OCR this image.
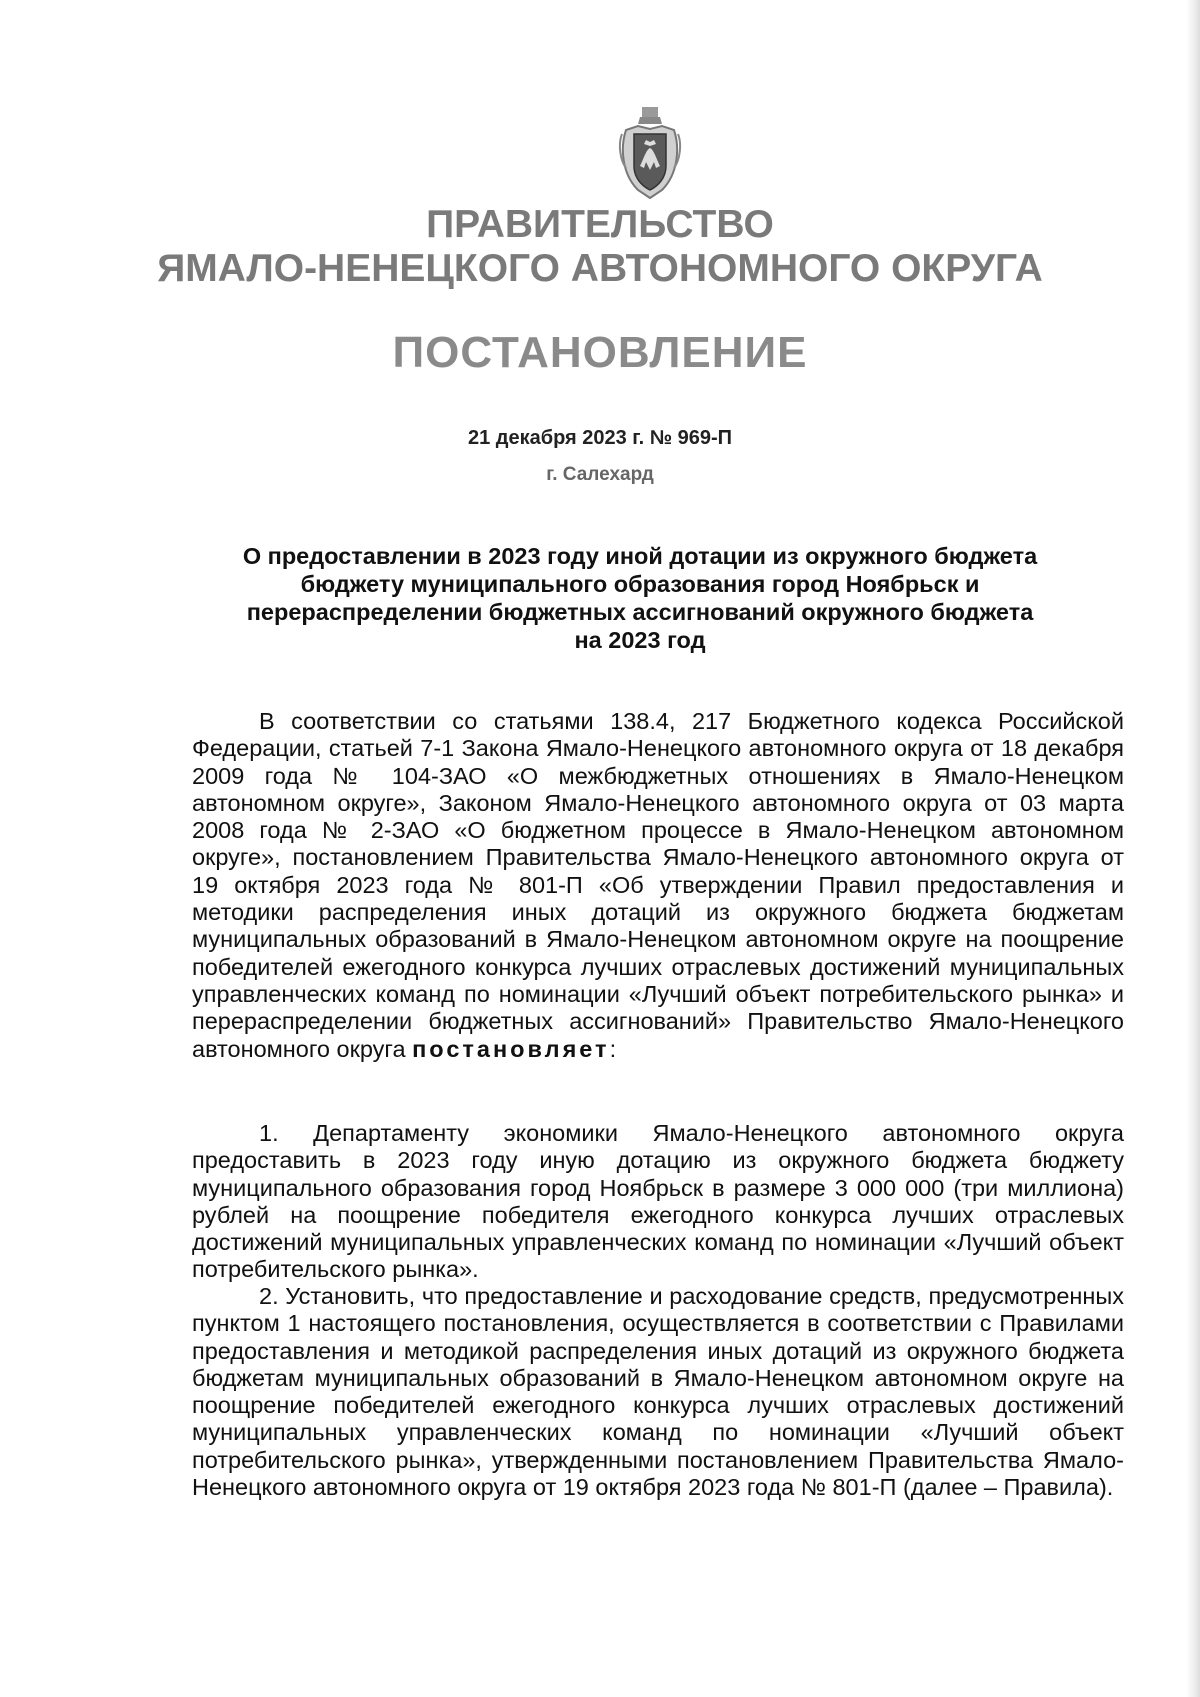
ПРАВИТЕЛЬСТВО
ЯМАЛО-НЕНЕЦКОГО АВТОНОМНОГО ОКРУГА
ПОСТАНОВЛЕНИЕ
21 декабря 2023 г. № 969-П
г. Салехард
О предоставлении в 2023 году иной дотации из окружного бюджета
бюджету муниципального образования город Ноябрьск и
перераспределении бюджетных ассигнований окружного бюджета
на 2023 год

В соответствии со статьями 138.4, 217 Бюджетного кодекса Российской Федерации, статьей 7-1 Закона Ямало-Ненецкого автономного округа от 18 декабря 2009 года № 104-ЗАО «О межбюджетных отношениях в Ямало-Ненецком автономном округе», Законом Ямало-Ненецкого автономного округа от 03 марта 2008 года № 2-ЗАО «О бюджетном процессе в Ямало-Ненецком автономном округе», постановлением Правительства Ямало-Ненецкого автономного округа от 19 октября 2023 года № 801-П «Об утверждении Правил предоставления и методики распределения иных дотаций из окружного бюджета бюджетам муниципальных образований в Ямало-Ненецком автономном округе на поощрение победителей ежегодного конкурса лучших отраслевых достижений муниципальных управленческих команд по номинации «Лучший объект потребительского рынка» и перераспределении бюджетных ассигнований» Правительство Ямало-Ненецкого автономного округа постановляет:

1. Департаменту экономики Ямало-Ненецкого автономного округа предоставить в 2023 году иную дотацию из окружного бюджета бюджету муниципального образования город Ноябрьск в размере 3 000 000 (три миллиона) рублей на поощрение победителя ежегодного конкурса лучших отраслевых достижений муниципальных управленческих команд по номинации «Лучший объект потребительского рынка».

2. Установить, что предоставление и расходование средств, предусмотренных пунктом 1 настоящего постановления, осуществляется в соответствии с Правилами предоставления и методикой распределения иных дотаций из окружного бюджета бюджетам муниципальных образований в Ямало-Ненецком автономном округе на поощрение победителей ежегодного конкурса лучших отраслевых достижений муниципальных управленческих команд по номинации «Лучший объект потребительского рынка», утвержденными постановлением Правительства Ямало-Ненецкого автономного округа от 19 октября 2023 года № 801-П (далее – Правила).
